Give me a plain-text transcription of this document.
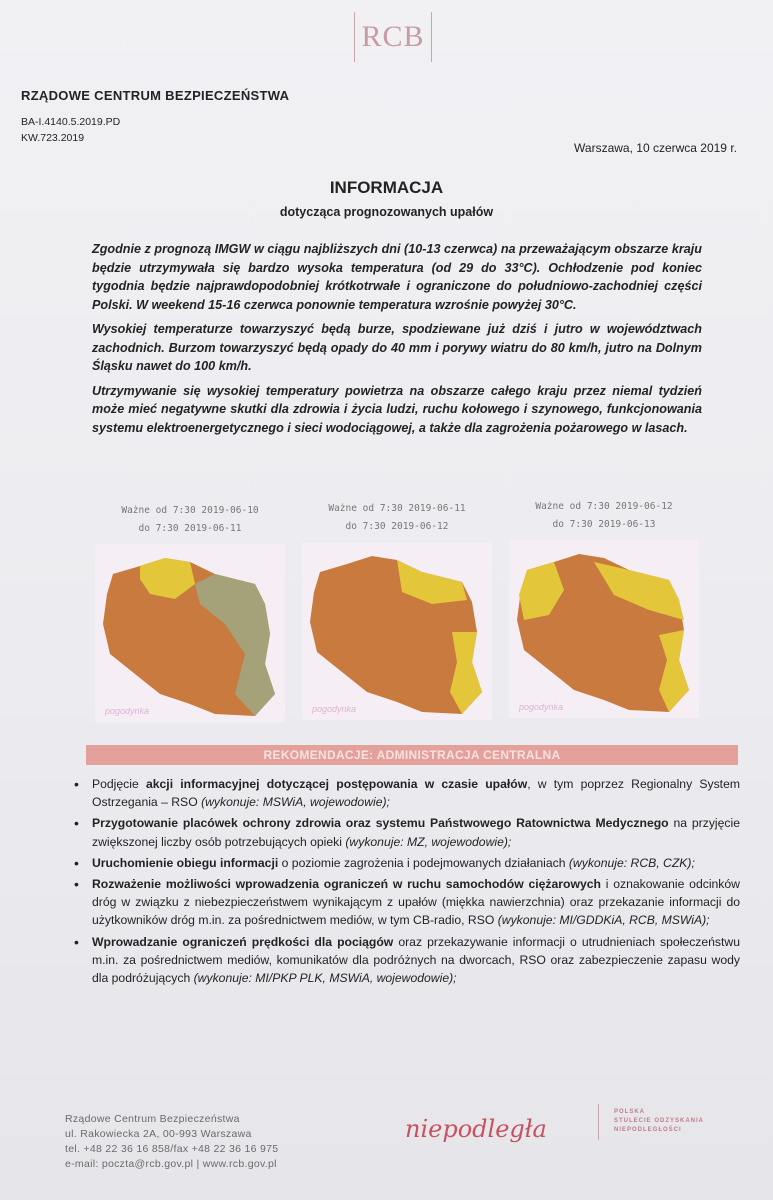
RCB
RZĄDOWE CENTRUM BEZPIECZEŃSTWA
BA-I.4140.5.2019.PD
KW.723.2019
Warszawa, 10 czerwca 2019 r.
INFORMACJA
dotycząca prognozowanych upałów

Zgodnie z prognozą IMGW w ciągu najbliższych dni (10-13 czerwca) na przeważającym obszarze kraju będzie utrzymywała się bardzo wysoka temperatura (od 29 do 33°C). Ochłodzenie pod koniec tygodnia będzie najprawdopodobniej krótkotrwałe i ograniczone do południowo-zachodniej części Polski. W weekend 15-16 czerwca ponownie temperatura wzrośnie powyżej 30°C.

Wysokiej temperaturze towarzyszyć będą burze, spodziewane już dziś i jutro w województwach zachodnich. Burzom towarzyszyć będą opady do 40 mm i porywy wiatru do 80 km/h, jutro na Dolnym Śląsku nawet do 100 km/h.

Utrzymywanie się wysokiej temperatury powietrza na obszarze całego kraju przez niemal tydzień może mieć negatywne skutki dla zdrowia i życia ludzi, ruchu kołowego i szynowego, funkcjonowania systemu elektroenergetycznego i sieci wodociągowej, a także dla zagrożenia pożarowego w lasach.

Ważne od 7:30 2019-06-10
do 7:30 2019-06-11
pogodynka
Ważne od 7:30 2019-06-11
do 7:30 2019-06-12
pogodynka
Ważne od 7:30 2019-06-12
do 7:30 2019-06-13
pogodynka
REKOMENDACJE: ADMINISTRACJA CENTRALNA
• Podjęcie akcji informacyjnej dotyczącej postępowania w czasie upałów, w tym poprzez Regionalny System Ostrzegania – RSO (wykonuje: MSWiA, wojewodowie);
• Przygotowanie placówek ochrony zdrowia oraz systemu Państwowego Ratownictwa Medycznego na przyjęcie zwiększonej liczby osób potrzebujących opieki (wykonuje: MZ, wojewodowie);
• Uruchomienie obiegu informacji o poziomie zagrożenia i podejmowanych działaniach (wykonuje: RCB, CZK);
• Rozważenie możliwości wprowadzenia ograniczeń w ruchu samochodów ciężarowych i oznakowanie odcinków dróg w związku z niebezpieczeństwem wynikającym z upałów (miękka nawierzchnia) oraz przekazanie informacji do użytkowników dróg m.in. za pośrednictwem mediów, w tym CB-radio, RSO (wykonuje: MI/GDDKiA, RCB, MSWiA);
• Wprowadzanie ograniczeń prędkości dla pociągów oraz przekazywanie informacji o utrudnieniach społeczeństwu m.in. za pośrednictwem mediów, komunikatów dla podróżnych na dworcach, RSO oraz zabezpieczenie zapasu wody dla podróżujących (wykonuje: MI/PKP PLK, MSWiA, wojewodowie);
Rządowe Centrum Bezpieczeństwa
ul. Rakowiecka 2A, 00-993 Warszawa
tel. +48 22 36 16 858/fax +48 22 36 16 975
e-mail: poczta@rcb.gov.pl | www.rcb.gov.pl
niepodległa
POLSKA
STULECIE ODZYSKANIA
NIEPODLEGŁOŚCI
